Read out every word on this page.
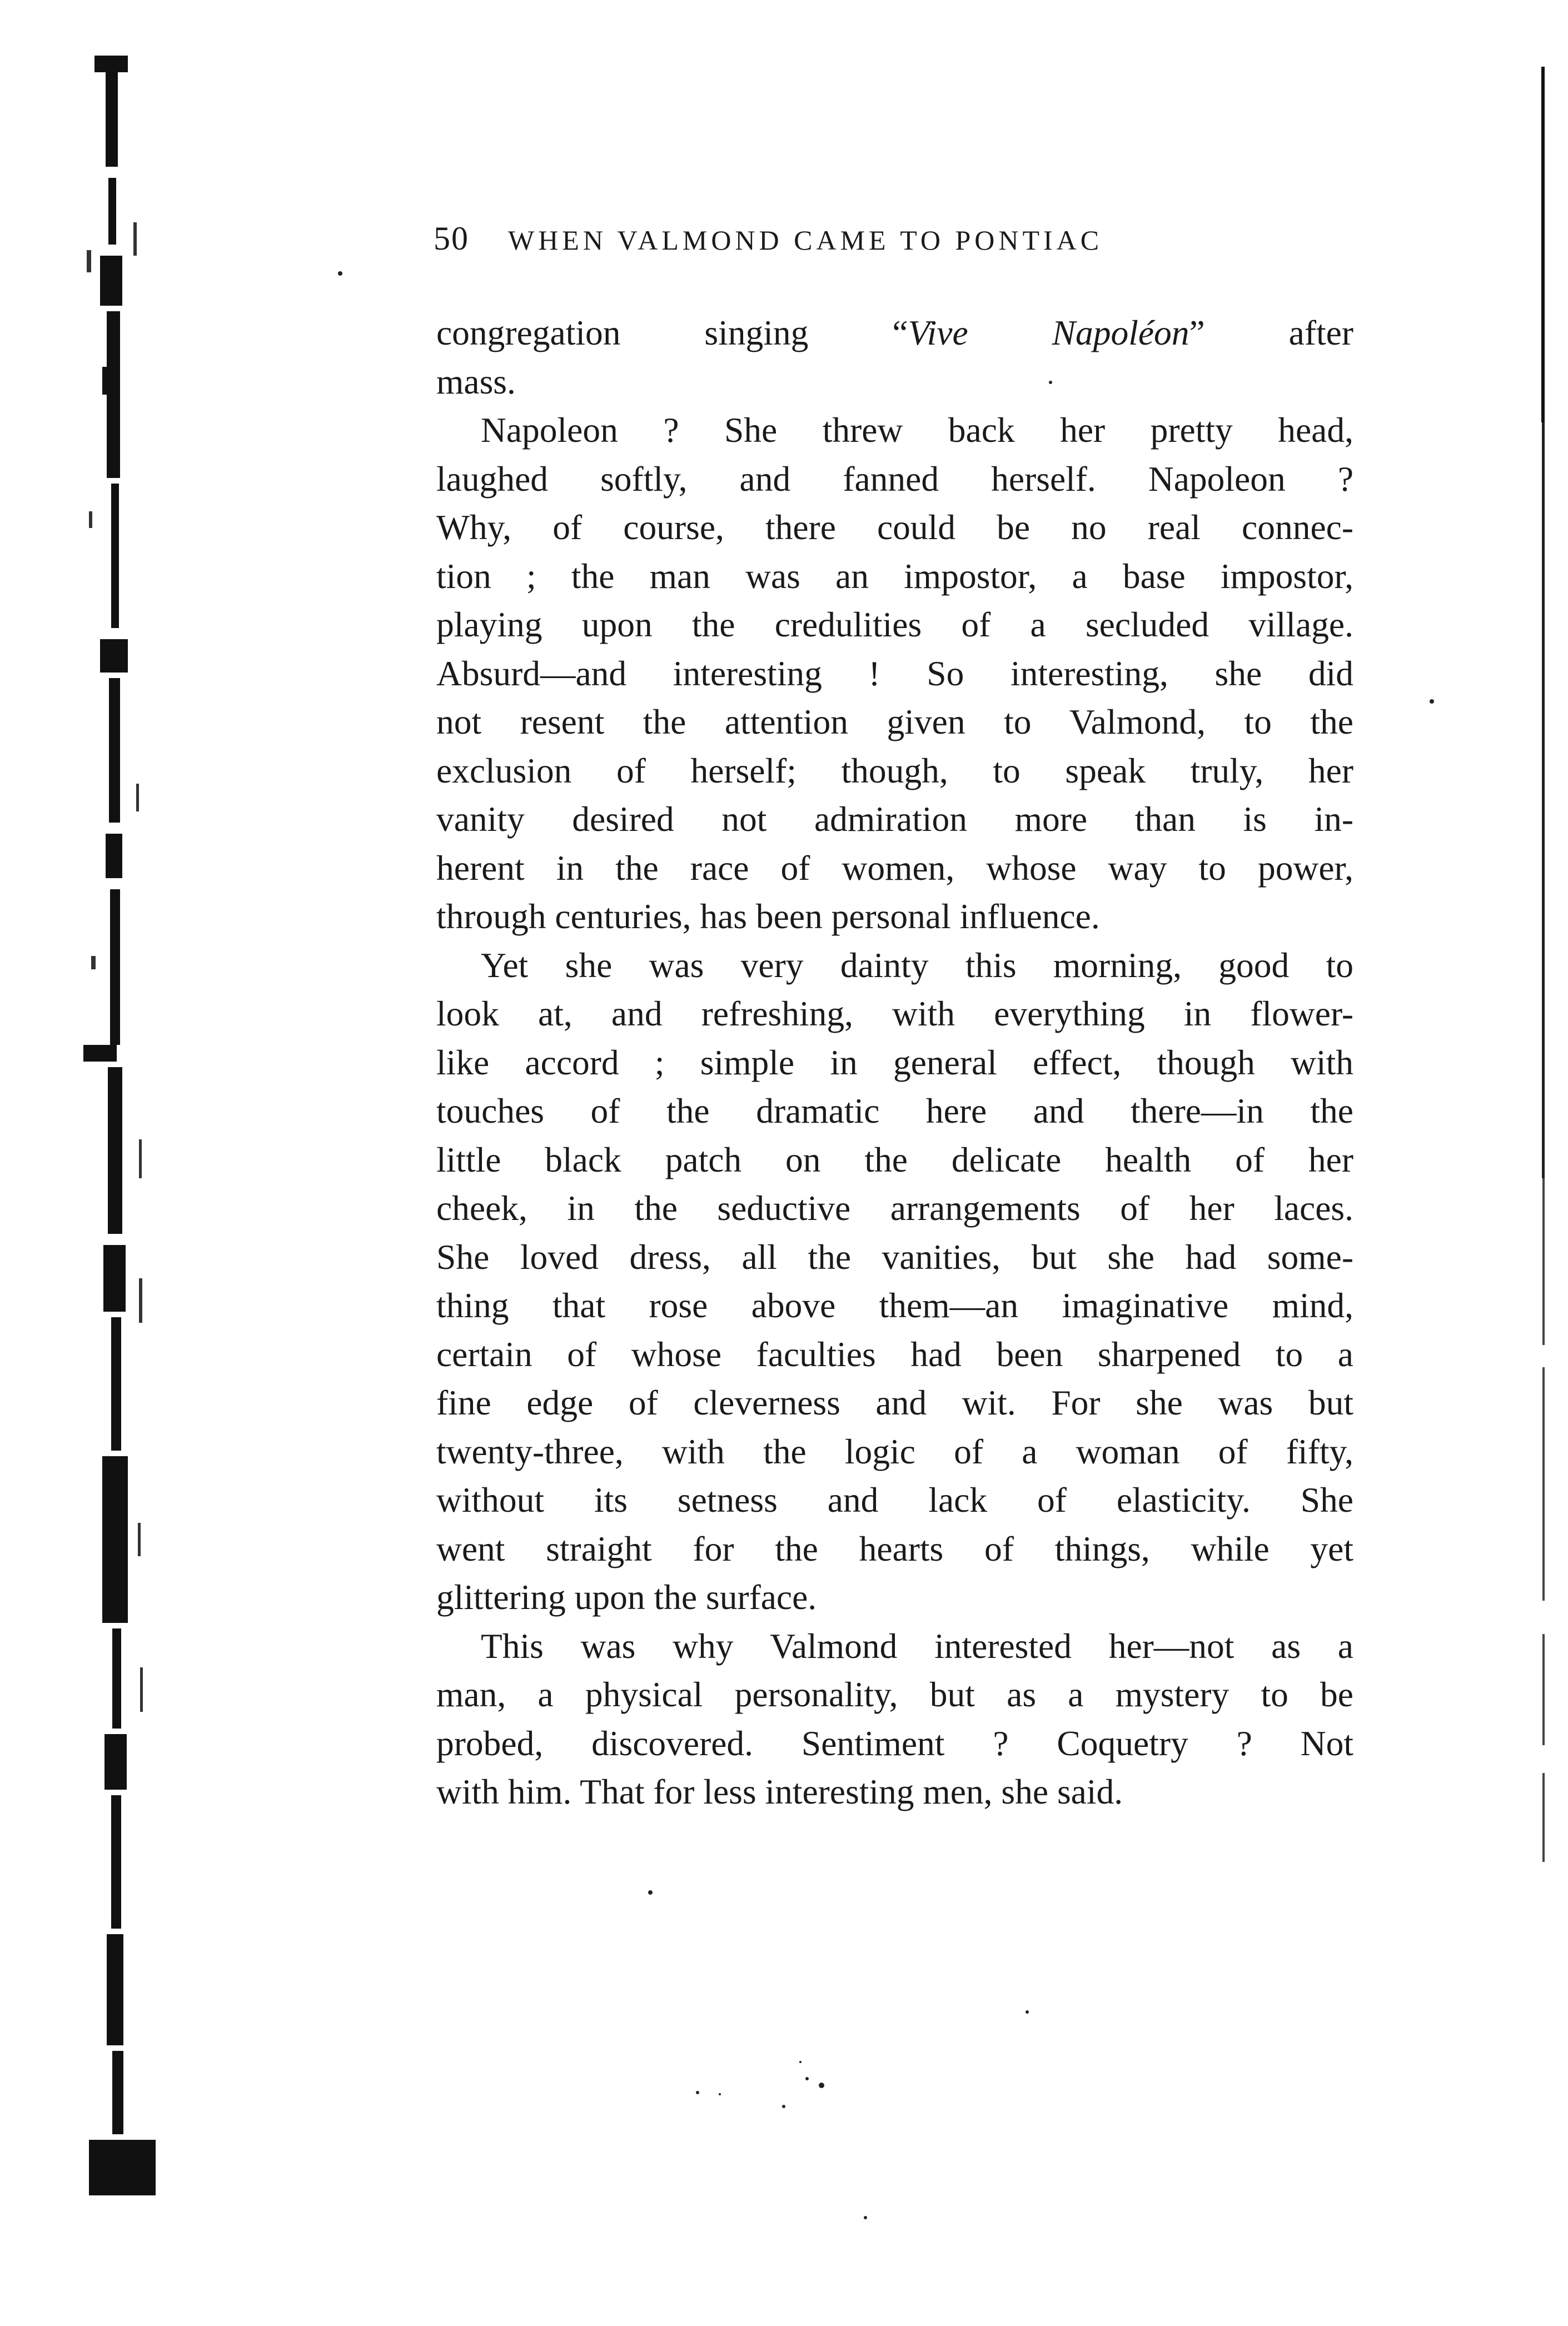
50 WHEN VALMOND CAME TO PONTIAC
congregation singing “Vive Napoléon” after
mass.
Napoleon ? She threw back her pretty head,
laughed softly, and fanned herself. Napoleon ?
Why, of course, there could be no real connec-
tion ; the man was an impostor, a base impostor,
playing upon the credulities of a secluded village.
Absurd—and interesting ! So interesting, she did
not resent the attention given to Valmond, to the
exclusion of herself; though, to speak truly, her
vanity desired not admiration more than is in-
herent in the race of women, whose way to power,
through centuries, has been personal influence.
Yet she was very dainty this morning, good to
look at, and refreshing, with everything in flower-
like accord ; simple in general effect, though with
touches of the dramatic here and there—in the
little black patch on the delicate health of her
cheek, in the seductive arrangements of her laces.
She loved dress, all the vanities, but she had some-
thing that rose above them—an imaginative mind,
certain of whose faculties had been sharpened to a
fine edge of cleverness and wit. For she was but
twenty-three, with the logic of a woman of fifty,
without its setness and lack of elasticity. She
went straight for the hearts of things, while yet
glittering upon the surface.
This was why Valmond interested her—not as a
man, a physical personality, but as a mystery to be
probed, discovered. Sentiment ? Coquetry ? Not
with him. That for less interesting men, she said.
